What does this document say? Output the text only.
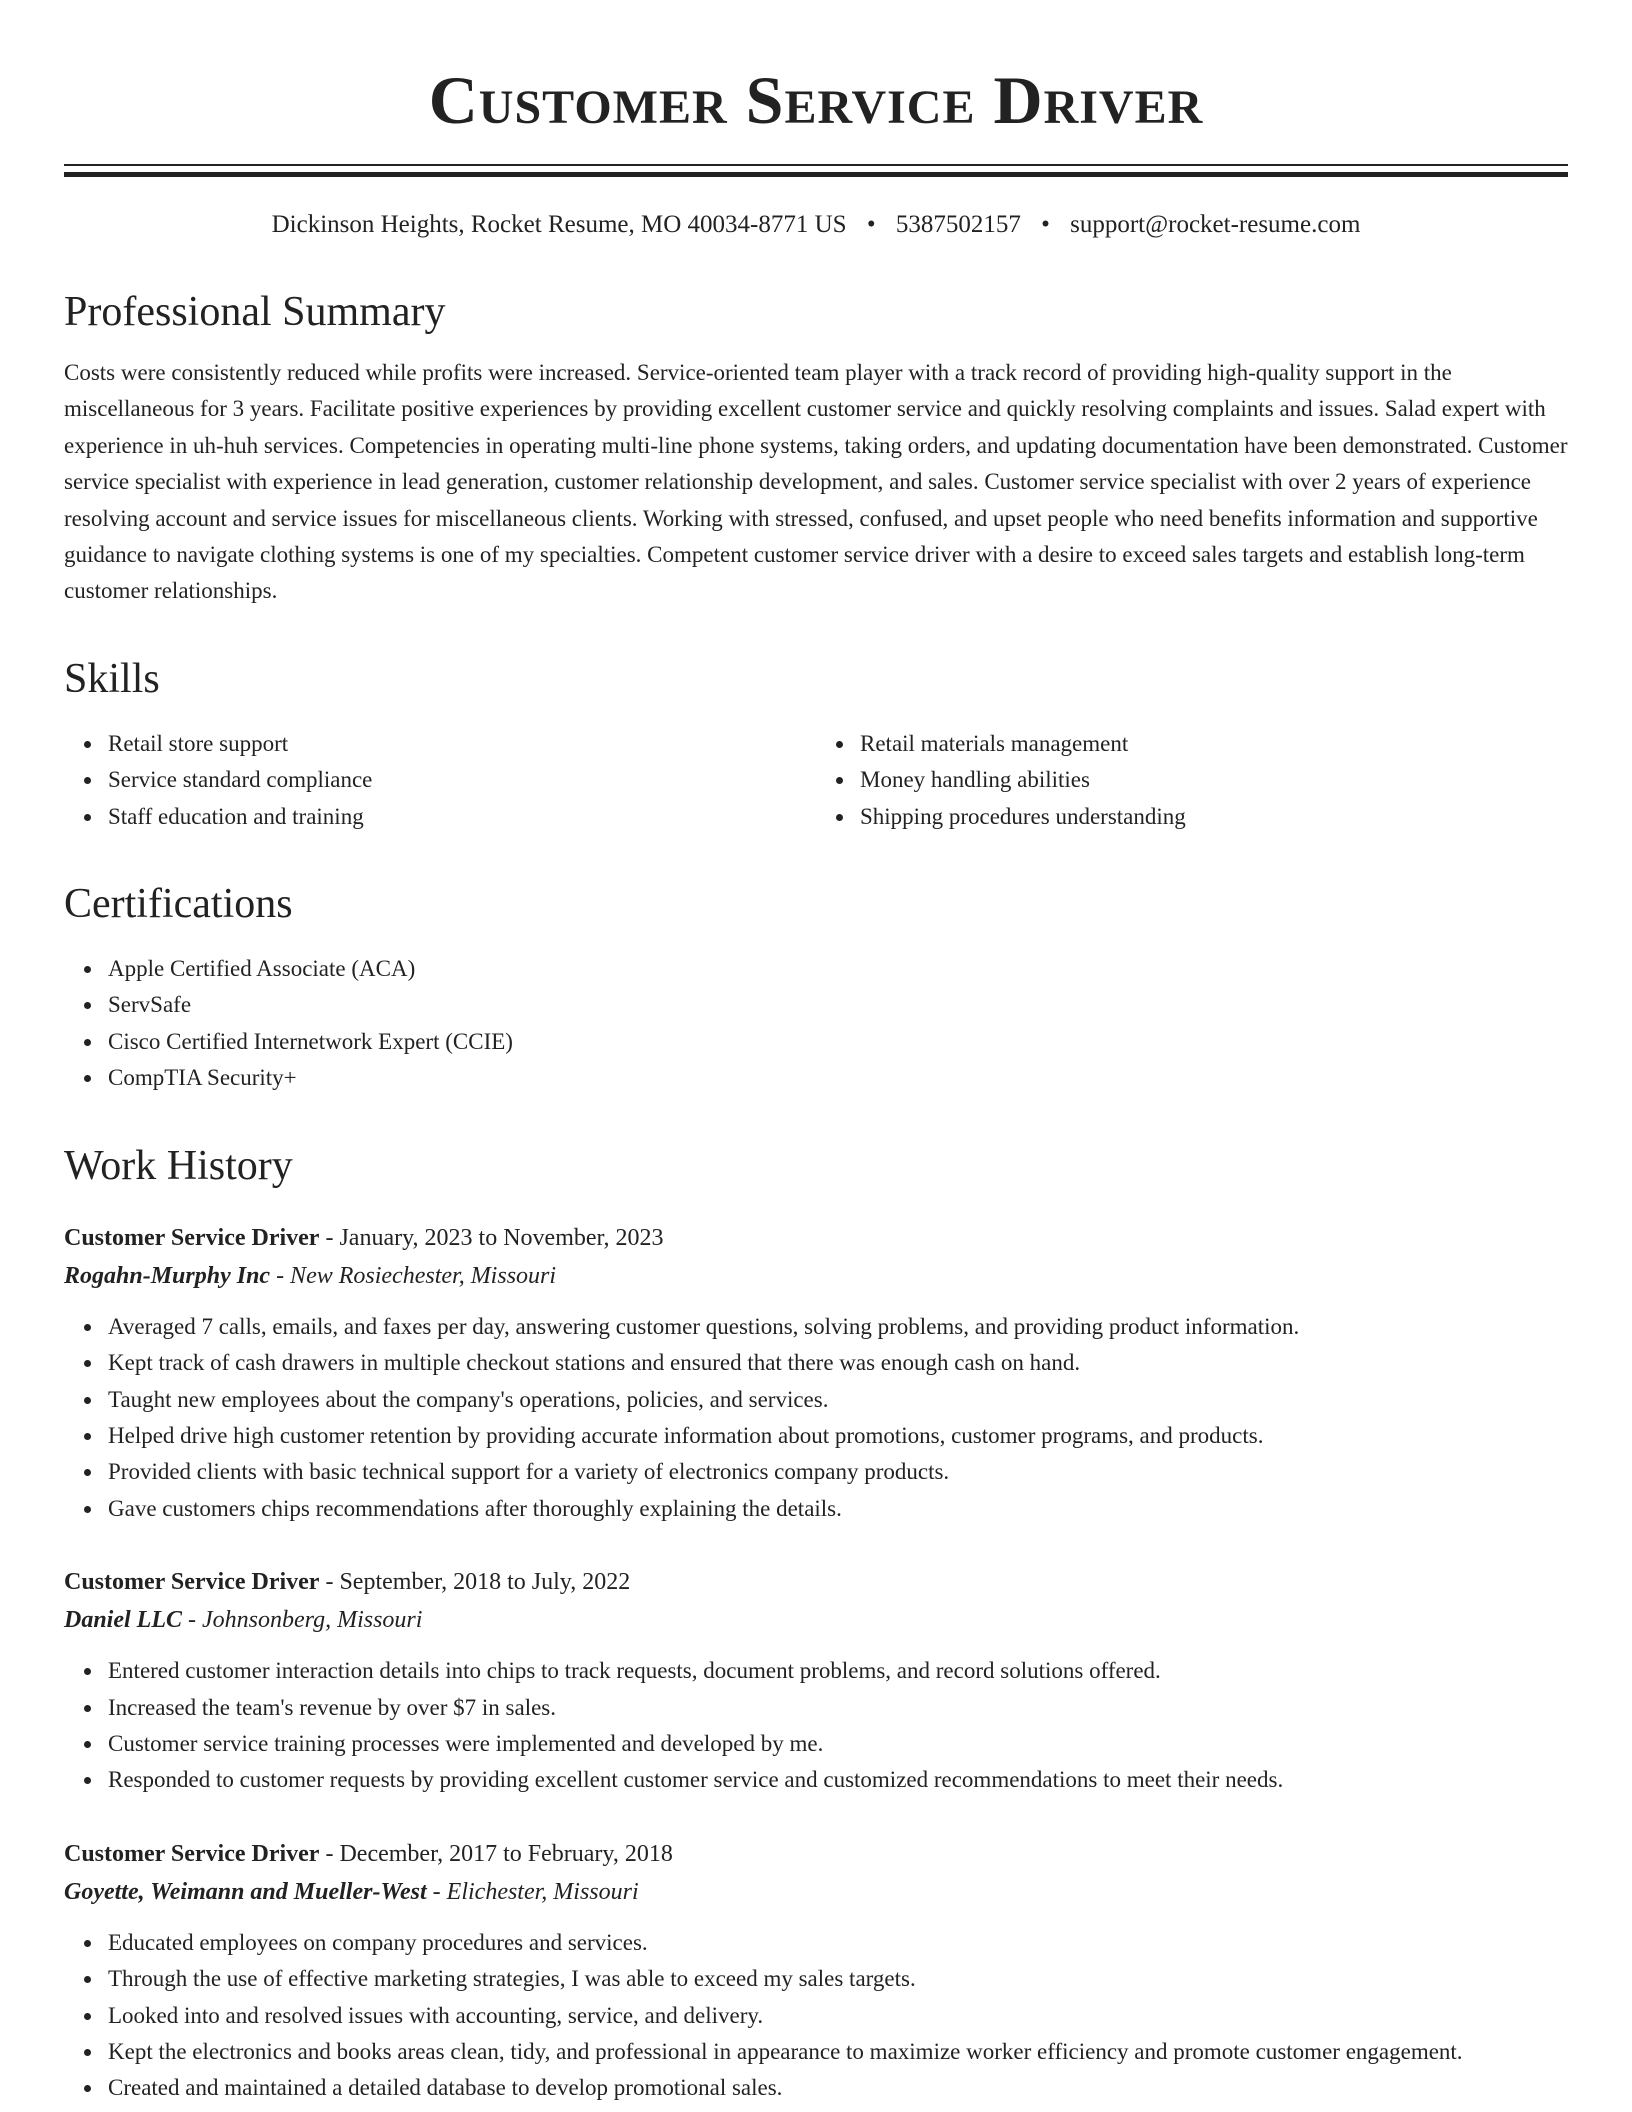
Customer Service Driver
Dickinson Heights, Rocket Resume, MO 40034-8771 US • 5387502157 • support@rocket-resume.com
Professional Summary
Costs were consistently reduced while profits were increased. Service-oriented team player with a track record of providing high-quality support in the miscellaneous for 3 years. Facilitate positive experiences by providing excellent customer service and quickly resolving complaints and issues. Salad expert with experience in uh-huh services. Competencies in operating multi-line phone systems, taking orders, and updating documentation have been demonstrated. Customer service specialist with experience in lead generation, customer relationship development, and sales. Customer service specialist with over 2 years of experience resolving account and service issues for miscellaneous clients. Working with stressed, confused, and upset people who need benefits information and supportive guidance to navigate clothing systems is one of my specialties. Competent customer service driver with a desire to exceed sales targets and establish long-term customer relationships.
Skills
Retail store support
Service standard compliance
Staff education and training
Retail materials management
Money handling abilities
Shipping procedures understanding
Certifications
Apple Certified Associate (ACA)
ServSafe
Cisco Certified Internetwork Expert (CCIE)
CompTIA Security+
Work History
Customer Service Driver - January, 2023 to November, 2023
Rogahn-Murphy Inc - New Rosiechester, Missouri
Averaged 7 calls, emails, and faxes per day, answering customer questions, solving problems, and providing product information.
Kept track of cash drawers in multiple checkout stations and ensured that there was enough cash on hand.
Taught new employees about the company's operations, policies, and services.
Helped drive high customer retention by providing accurate information about promotions, customer programs, and products.
Provided clients with basic technical support for a variety of electronics company products.
Gave customers chips recommendations after thoroughly explaining the details.
Customer Service Driver - September, 2018 to July, 2022
Daniel LLC - Johnsonberg, Missouri
Entered customer interaction details into chips to track requests, document problems, and record solutions offered.
Increased the team's revenue by over $7 in sales.
Customer service training processes were implemented and developed by me.
Responded to customer requests by providing excellent customer service and customized recommendations to meet their needs.
Customer Service Driver - December, 2017 to February, 2018
Goyette, Weimann and Mueller-West - Elichester, Missouri
Educated employees on company procedures and services.
Through the use of effective marketing strategies, I was able to exceed my sales targets.
Looked into and resolved issues with accounting, service, and delivery.
Kept the electronics and books areas clean, tidy, and professional in appearance to maximize worker efficiency and promote customer engagement.
Created and maintained a detailed database to develop promotional sales.
